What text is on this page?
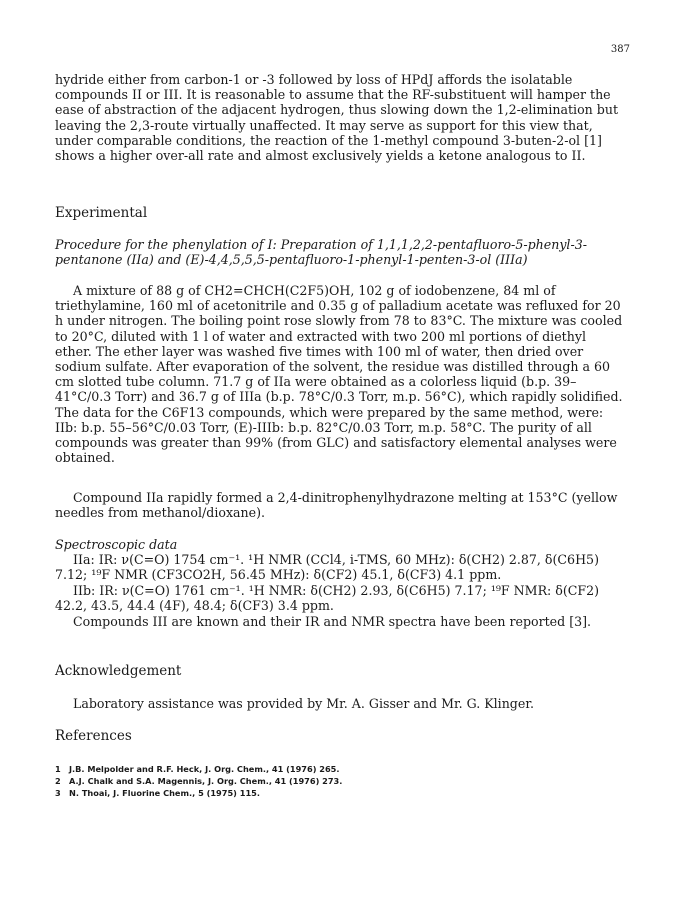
387

hydride either from carbon-1 or -3 followed by loss of HPdJ affords the isolatable compounds II or III. It is reasonable to assume that the RF-substituent will hamper the ease of abstraction of the adjacent hydrogen, thus slowing down the 1,2-elimination but leaving the 2,3-route virtually unaffected. It may serve as support for this view that, under comparable conditions, the reaction of the 1-methyl compound 3-buten-2-ol [1] shows a higher over-all rate and almost exclusively yields a ketone analogous to II.

Experimental

Procedure for the phenylation of I: Preparation of 1,1,1,2,2-pentafluoro-5-phenyl-3-pentanone (IIa) and (E)-4,4,5,5,5-pentafluoro-1-phenyl-1-penten-3-ol (IIIa)

A mixture of 88 g of CH2=CHCH(C2F5)OH, 102 g of iodobenzene, 84 ml of triethylamine, 160 ml of acetonitrile and 0.35 g of palladium acetate was refluxed for 20 h under nitrogen. The boiling point rose slowly from 78 to 83°C. The mixture was cooled to 20°C, diluted with 1 l of water and extracted with two 200 ml portions of diethyl ether. The ether layer was washed five times with 100 ml of water, then dried over sodium sulfate. After evaporation of the solvent, the residue was distilled through a 60 cm slotted tube column. 71.7 g of IIa were obtained as a colorless liquid (b.p. 39–41°C/0.3 Torr) and 36.7 g of IIIa (b.p. 78°C/0.3 Torr, m.p. 56°C), which rapidly solidified. The data for the C6F13 compounds, which were prepared by the same method, were: IIb: b.p. 55–56°C/0.03 Torr, (E)-IIIb: b.p. 82°C/0.03 Torr, m.p. 58°C. The purity of all compounds was greater than 99% (from GLC) and satisfactory elemental analyses were obtained.

Compound IIa rapidly formed a 2,4-dinitrophenylhydrazone melting at 153°C (yellow needles from methanol/dioxane).

Spectroscopic data

IIa: IR: ν(C=O) 1754 cm⁻¹. ¹H NMR (CCl4, i-TMS, 60 MHz): δ(CH2) 2.87, δ(C6H5) 7.12; ¹⁹F NMR (CF3CO2H, 56.45 MHz): δ(CF2) 45.1, δ(CF3) 4.1 ppm.

IIb: IR: ν(C=O) 1761 cm⁻¹. ¹H NMR: δ(CH2) 2.93, δ(C6H5) 7.17; ¹⁹F NMR: δ(CF2) 42.2, 43.5, 44.4 (4F), 48.4; δ(CF3) 3.4 ppm.

Compounds III are known and their IR and NMR spectra have been reported [3].

Acknowledgement

Laboratory assistance was provided by Mr. A. Gisser and Mr. G. Klinger.

References
1	J.B. Melpolder and R.F. Heck, J. Org. Chem., 41 (1976) 265.
2	A.J. Chalk and S.A. Magennis, J. Org. Chem., 41 (1976) 273.
3	N. Thoai, J. Fluorine Chem., 5 (1975) 115.
